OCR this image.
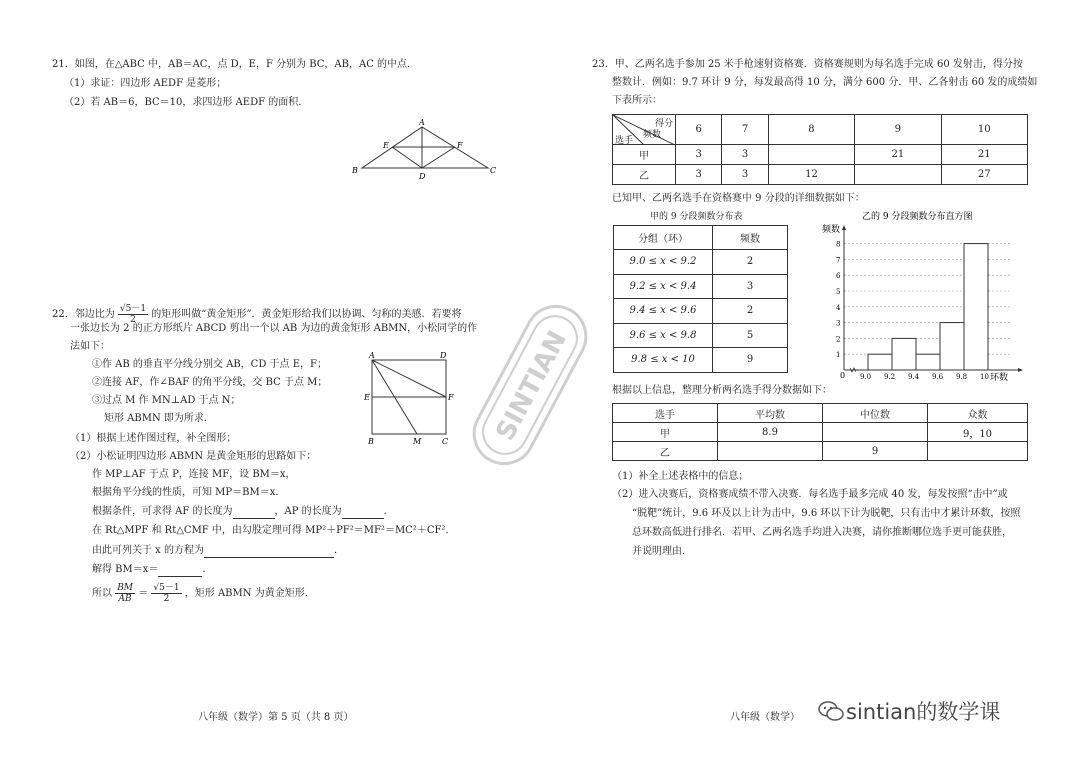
21．如图，在△ABC 中，AB＝AC，点 D，E，F 分别为 BC，AB，AC 的中点．
（1）求证：四边形 AEDF 是菱形；
（2）若 AB＝6，BC＝10，求四边形 AEDF 的面积．
A
B	C
D
E	F
22．邻边比为 $\frac{√5-1}{2}$ 的矩形叫做“黄金矩形”．黄金矩形给我们以协调、匀称的美感．若要将
一张边长为 2 的正方形纸片 ABCD 剪出一个以 AB 为边的黄金矩形 ABMN，小松同学的作
法如下：
①作 AB 的垂直平分线分别交 AB，CD 于点 E，F；
②连接 AF，作∠BAF 的角平分线，交 BC 于点 M；
③过点 M 作 MN⊥AD 于点 N；
矩形 ABMN 即为所求．
（1）根据上述作图过程，补全图形；
（2）小松证明四边形 ABMN 是黄金矩形的思路如下：
作 MP⊥AF 于点 P，连接 MF，设 BM＝x，
根据角平分线的性质，可知 MP＝BM＝x．
根据条件，可求得 AF 的长度为	，AP 的长度为	．
在 Rt△MPF 和 Rt△CMF 中，由勾股定理可得 MP²＋PF²＝MF²＝MC²＋CF²．
由此可列关于 x 的方程为	．
解得 BM＝x＝	．
所以 $\frac{BM}{AB} = \frac{√5-1}{2}$ ，矩形 ABMN 为黄金矩形．
A	D
E	F
B	M	C
八年级（数学）第 5 页（共 8 页）
23．甲、乙两名选手参加 25 米手枪速射资格赛．资格赛规则为每名选手完成 60 发射击，得分按
整数计．例如：9.7 环计 9 分，每发最高得 10 分，满分 600 分．甲、乙各射击 60 发的成绩如
下表所示：
得分
频数
选手	6	7	8	9	10
甲	3	3		21	21
乙	3	3	12		27
已知甲、乙两名选手在资格赛中 9 分段的详细数据如下：
甲的 9 分段频数分布表
分组（环）	频数
9.0 ≤ x < 9.2	2
9.2 ≤ x < 9.4	3
9.4 ≤ x < 9.6	2
9.6 ≤ x < 9.8	5
9.8 ≤ x < 10	9
乙的 9 分段频数分布直方图
频数
环数
0
1
2
3
4
5
6
7
8
9.0 9.2 9.4 9.6 9.8 10
根据以上信息，整理分析两名选手得分数据如下：
选手	平均数	中位数	众数
甲	8.9		9，10
乙		9	
（1）补全上述表格中的信息；
（2）进入决赛后，资格赛成绩不带入决赛．每名选手最多完成 40 发，每发按照“击中”或
“脱靶”统计，9.6 环及以上计为击中，9.6 环以下计为脱靶，只有击中才累计环数，按照
总环数高低进行排名．若甲、乙两名选手均进入决赛，请你推断哪位选手更可能获胜，
并说明理由．
八年级（数学）
SINTIAN
sintian的数学课
